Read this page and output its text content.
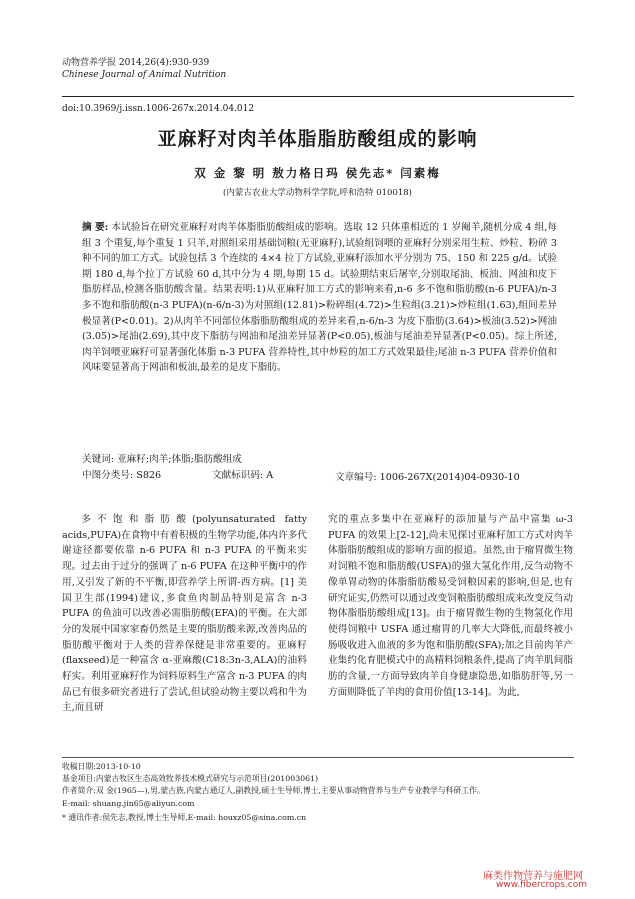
动物营养学报 2014,26(4):930-939
Chinese Journal of Animal Nutrition
doi:10.3969/j.issn.1006-267x.2014.04.012
亚麻籽对肉羊体脂脂肪酸组成的影响
双 金 黎 明 敖力格日玛 侯先志* 闫素梅
(内蒙古农业大学动物科学学院,呼和浩特 010018)
摘 要: 本试验旨在研究亚麻籽对肉羊体脂脂肪酸组成的影响。选取 12 只体重相近的 1 岁阉羊,随机分成 4 组,每组 3 个重复,每个重复 1 只羊,对照组采用基础饲粮(无亚麻籽),试验组饲喂的亚麻籽分别采用生粒、炒粒、粉碎 3 种不同的加工方式。试验包括 3 个连续的 4×4 拉丁方试验,亚麻籽添加水平分别为 75、150 和 225 g/d。试验期 180 d,每个拉丁方试验 60 d,其中分为 4 期,每期 15 d。试验期结束后屠宰,分别取尾油、板油、网油和皮下脂肪样品,检测各脂肪酸含量。结果表明:1)从亚麻籽加工方式的影响来看,n-6 多不饱和脂肪酸(n-6 PUFA)/n-3 多不饱和脂肪酸(n-3 PUFA)(n-6/n-3)为对照组(12.81)>粉碎组(4.72)>生粒组(3.21)>炒粒组(1.63),组间差异极显著(P<0.01)。2)从肉羊不同部位体脂脂肪酸组成的差异来看,n-6/n-3 为皮下脂肪(3.64)>板油(3.52)>网油(3.05)>尾油(2.69),其中皮下脂肪与网油和尾油差异显著(P<0.05),板油与尾油差异显著(P<0.05)。综上所述,肉羊饲喂亚麻籽可显著强化体脂 n-3 PUFA 营养特性,其中炒粒的加工方式效果最佳;尾油 n-3 PUFA 营养价值和风味要显著高于网油和板油,最差的是皮下脂肪。
关键词: 亚麻籽;肉羊;体脂;脂肪酸组成
中图分类号: S826	文献标识码: A	文章编号: 1006-267X(2014)04-0930-10
多不饱和脂肪酸(polyunsaturated fatty acids,PUFA)在食物中有着积极的生物学功能,体内许多代谢途径都要依靠 n-6 PUFA 和 n-3 PUFA 的平衡来实现。过去由于过分的强调了 n-6 PUFA 在这种平衡中的作用,又引发了新的不平衡,即营养学上所谓-西方病。[1] 美国卫生部(1994)建议,多食鱼肉制品特别是富含 n-3 PUFA 的鱼油可以改善必需脂肪酸(EFA)的平衡。在大部分的发展中国家家畜仍然是主要的脂肪酸来源,改善肉品的脂肪酸平衡对于人类的营养保健是非常重要的。亚麻籽(flaxseed)是一种富含 α-亚麻酸(C18:3n-3,ALA)的油料籽实。利用亚麻籽作为饲料原料生产富含 n-3 PUFA 的肉品已有很多研究者进行了尝试,但试验动物主要以鸡和牛为主,而且研
究的重点多集中在亚麻籽的添加量与产品中富集 ω-3 PUFA 的效果上[2-12],尚未见探讨亚麻籽加工方式对肉羊体脂脂肪酸组成的影响方面的报道。虽然,由于瘤胃微生物对饲粮不饱和脂肪酸(USFA)的强大氢化作用,反刍动物不像单胃动物的体脂脂肪酸易受饲粮因素的影响,但是,也有研究证实,仍然可以通过改变饲粮脂肪酸组成来改变反刍动物体脂脂肪酸组成[13]。由于瘤胃微生物的生物氢化作用使得饲粮中 USFA 通过瘤胃的几率大大降低,而最终被小肠吸收进入血液的多为饱和脂肪酸(SFA);加之目前肉羊产业集约化育肥模式中的高精料饲粮条件,提高了肉羊肌间脂肪的含量,一方面导致肉羊自身健康隐患,如脂肪肝等,另一方面则降低了羊肉的食用价值[13-14]。为此,
收稿日期:2013-10-10
基金项目:内蒙古牧区生态高效牧养技术模式研究与示范项目(201003061)
作者简介:双 金(1965—),男,蒙古族,内蒙古通辽人,副教授,硕士生导师,博士,主要从事动物营养与生产专业教学与科研工作。
E-mail: shuang.jin65@aliyun.com
* 通讯作者:侯先志,教授,博士生导师,E-mail: houxz05@sina.com.cn
麻类作物营养与施肥网
www.fibercrops.com
